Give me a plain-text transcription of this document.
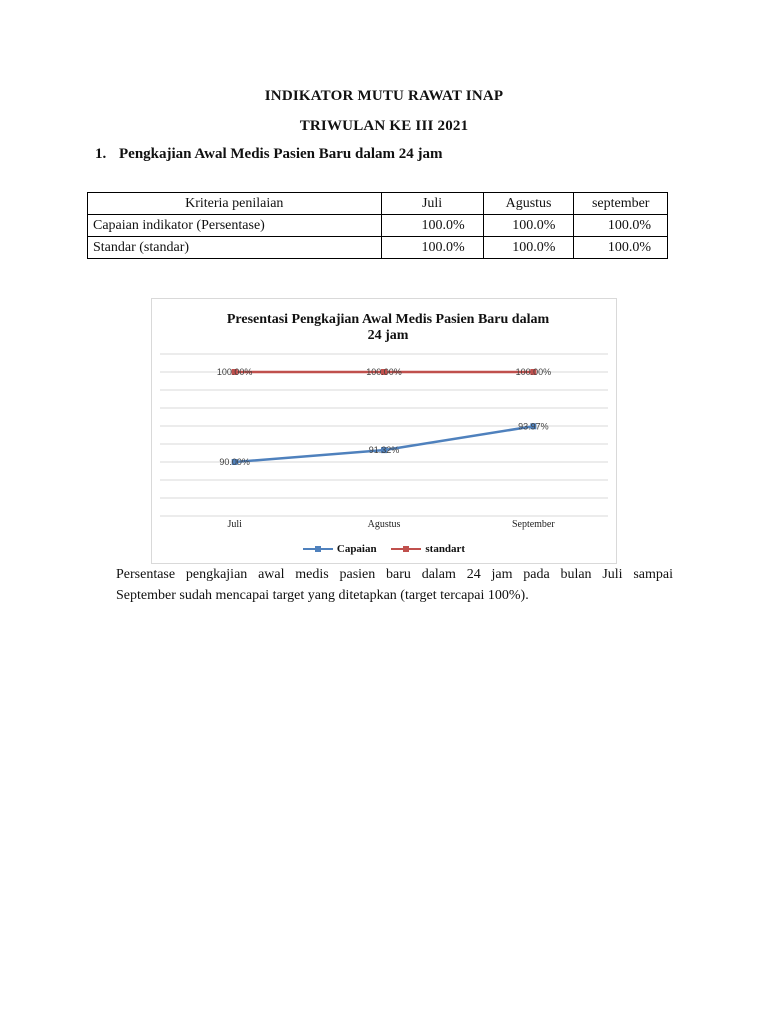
INDIKATOR MUTU RAWAT INAP
TRIWULAN KE III 2021
1. Pengkajian Awal Medis Pasien Baru dalam 24 jam
Kriteria penilaian	Juli	Agustus	september
Capaian indikator (Persentase)	100.0%	100.0%	100.0%
Standar (standar)	100.0%	100.0%	100.0%
Presentasi Pengkajian Awal Medis Pasien Baru dalam
24 jam
Juli	Agustus	September
90.00%
91.32%
93.97%
100.00%	100.00%	100.00%
Capaian
	standart
Persentase pengkajian awal medis pasien baru dalam 24 jam pada bulan Juli sampai
September sudah mencapai target yang ditetapkan (target tercapai 100%).
